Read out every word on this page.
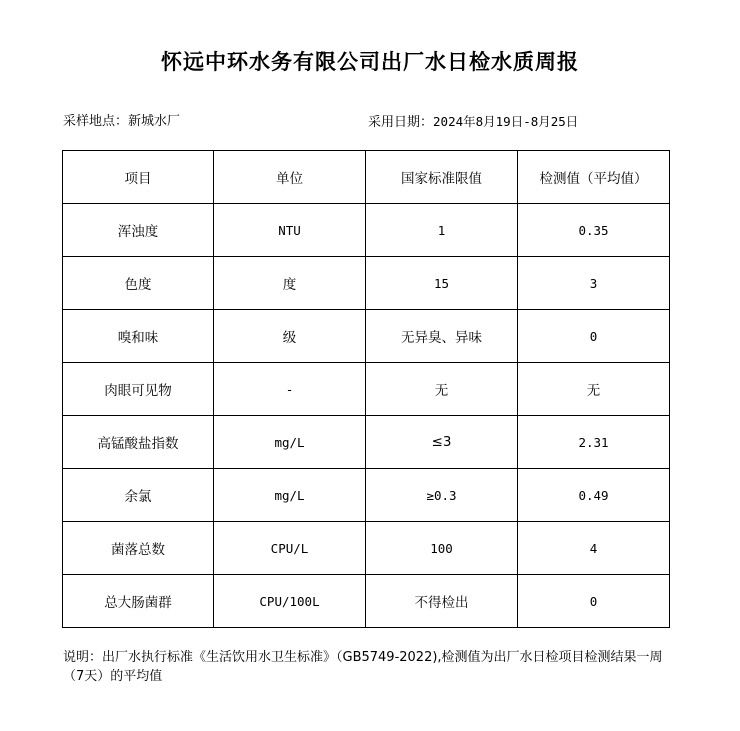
怀远中环水务有限公司出厂水日检水质周报
采样地点：新城水厂	采用日期：2024年8月19日-8月25日
项目	单位	国家标准限值	检测值（平均值）
浑浊度	NTU	1	0.35
色度	度	15	3
嗅和味	级	无异臭、异味	0
肉眼可见物	-	无	无
高锰酸盐指数	mg/L	≤3	2.31
余氯	mg/L	≥0.3	0.49
菌落总数	CPU/L	100	4
总大肠菌群	CPU/100L	不得检出	0
说明：出厂水执行标准《生活饮用水卫生标准》（GB5749-2022),检测值为出厂水日检项目检测结果一周（7天）的平均值
